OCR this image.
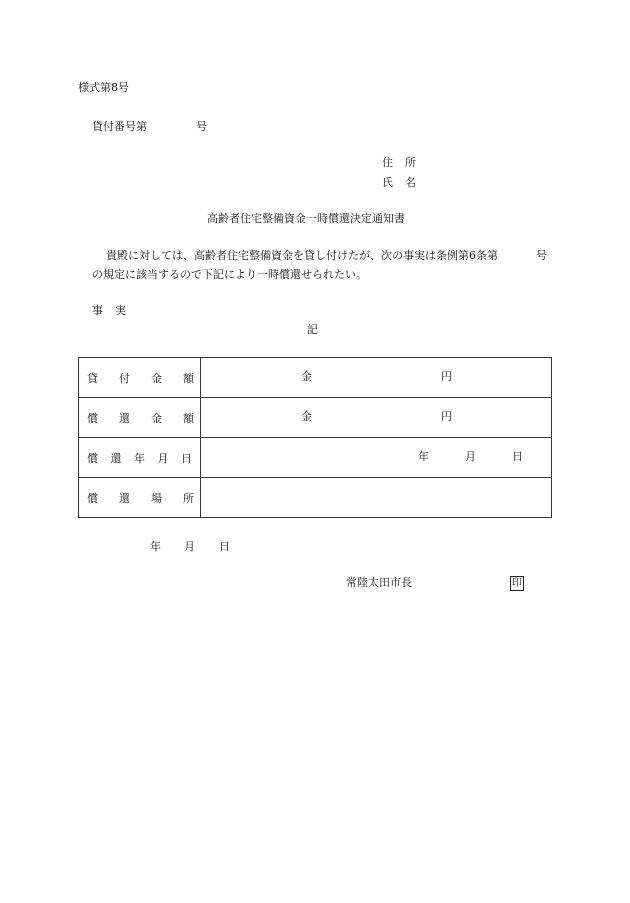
様式第8号
貸付番号第	号
住 所
氏 名
高齢者住宅整備資金一時償還決定通知書
貴殿に対しては、高齢者住宅整備資金を貸し付けたが、次の事実は条例第6条第	号
の規定に該当するので下記により一時償還せられたい。
事 実
記
貸 付 金 額	金 円

償 還 金 額	金 円

償 還 年 月 日	年 月 日

償 還 場 所	

年 月 日
常陸太田市長	印
